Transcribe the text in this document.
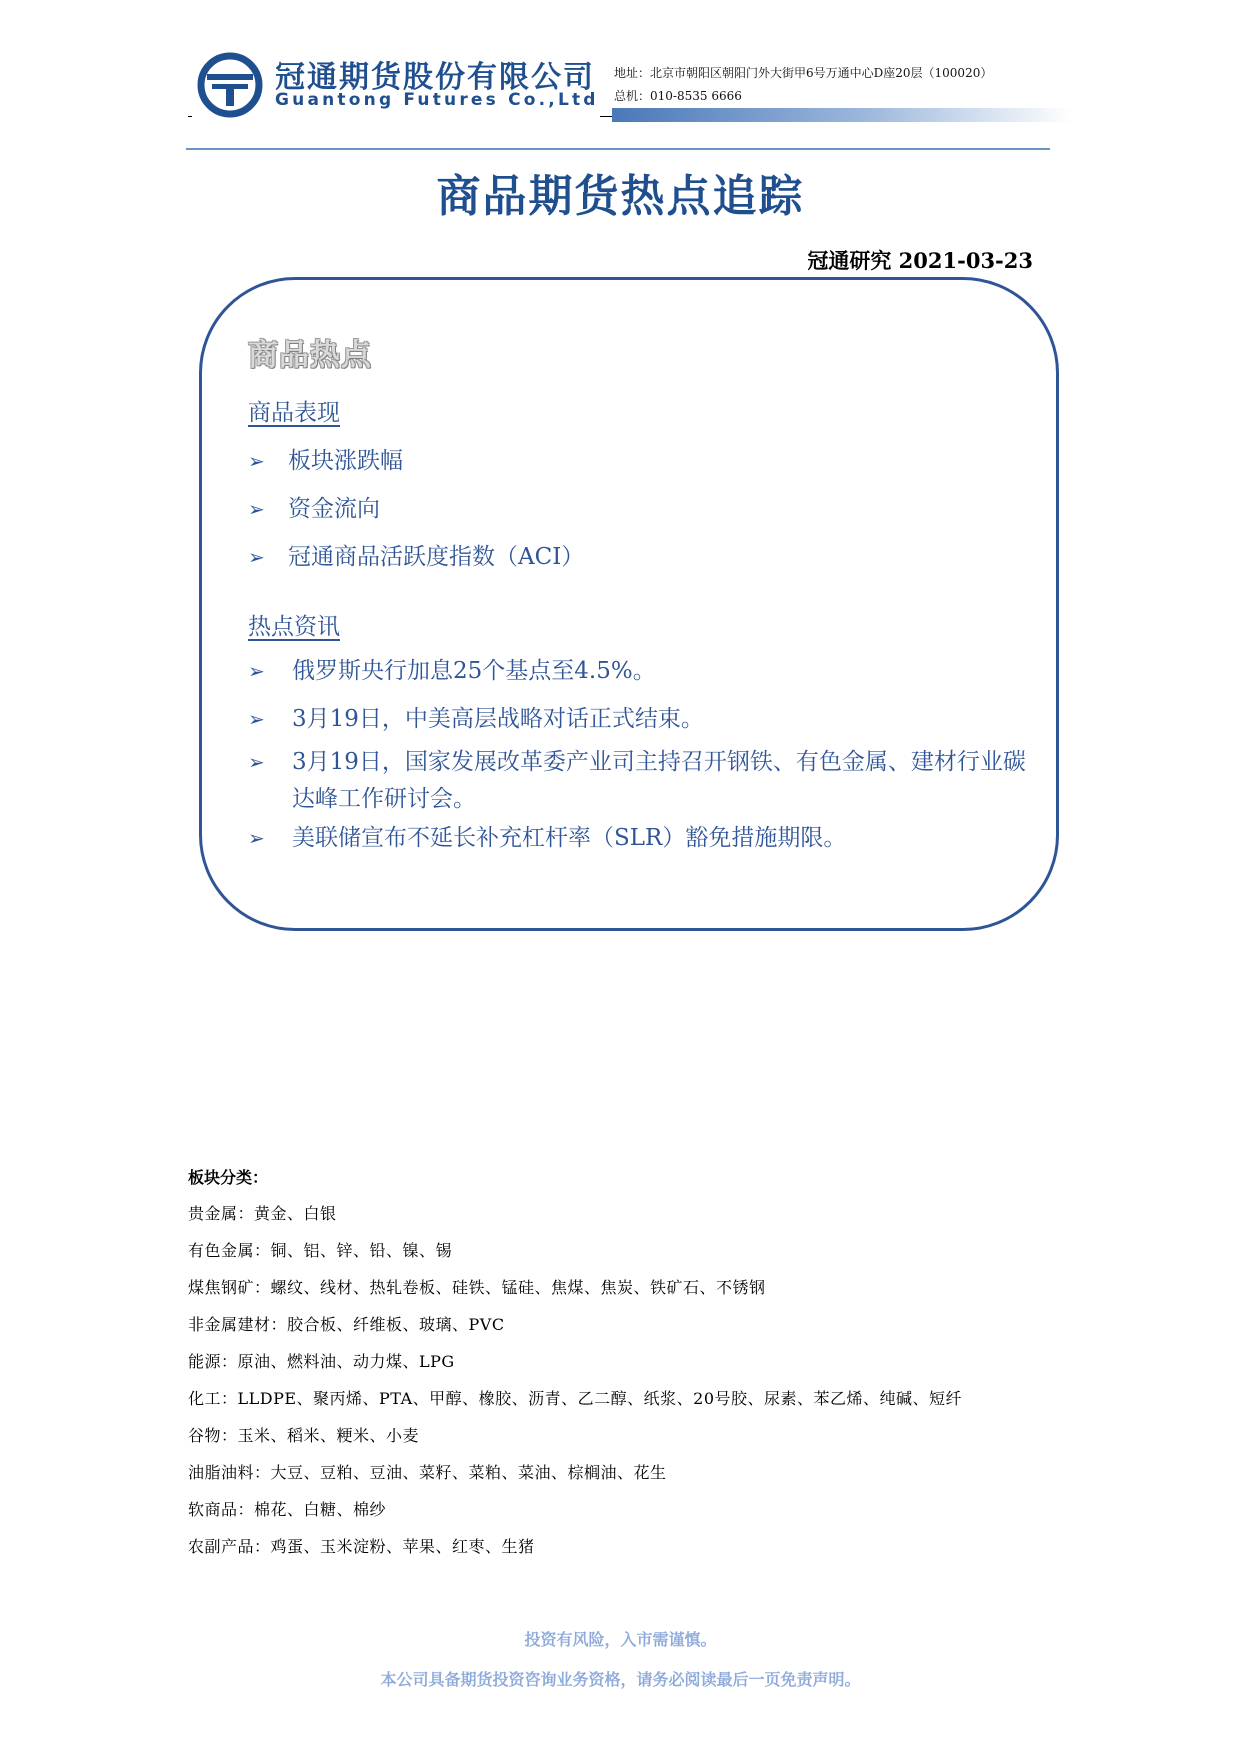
冠通期货股份有限公司
Guantong Futures Co.,Ltd
地址：北京市朝阳区朝阳门外大街甲6号万通中心D座20层（100020）
总机：010-8535 6666
商品期货热点追踪
冠通研究 2021-03-23
商品热点
商品表现
➢ 板块涨跌幅
➢ 资金流向
➢ 冠通商品活跃度指数（ACI）
热点资讯
➢ 俄罗斯央行加息25个基点至4.5%。
➢ 3月19日，中美高层战略对话正式结束。
➢ 3月19日，国家发展改革委产业司主持召开钢铁、有色金属、建材行业碳达峰工作研讨会。
➢ 美联储宣布不延长补充杠杆率（SLR）豁免措施期限。
板块分类：
贵金属：黄金、白银
有色金属：铜、铝、锌、铅、镍、锡
煤焦钢矿：螺纹、线材、热轧卷板、硅铁、锰硅、焦煤、焦炭、铁矿石、不锈钢
非金属建材：胶合板、纤维板、玻璃、PVC
能源：原油、燃料油、动力煤、LPG
化工：LLDPE、聚丙烯、PTA、甲醇、橡胶、沥青、乙二醇、纸浆、20号胶、尿素、苯乙烯、纯碱、短纤
谷物：玉米、稻米、粳米、小麦
油脂油料：大豆、豆粕、豆油、菜籽、菜粕、菜油、棕榈油、花生
软商品：棉花、白糖、棉纱
农副产品：鸡蛋、玉米淀粉、苹果、红枣、生猪
投资有风险，入市需谨慎。
本公司具备期货投资咨询业务资格，请务必阅读最后一页免责声明。
